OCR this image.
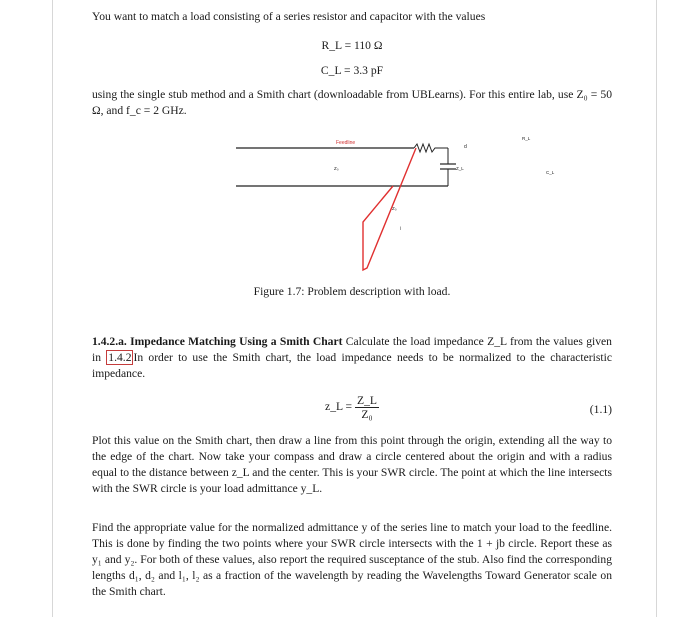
You want to match a load consisting of a series resistor and capacitor with the values
R_L = 110 Ω
C_L = 3.3 pF
using the single stub method and a Smith chart (downloadable from UBLearns). For this entire lab, use Z₀ = 50 Ω, and f_c = 2 GHz.
Feedline
d
R_L
C_L
Z₀	Z_L
Z₀
l
Figure 1.7: Problem description with load.
1.4.2.a. Impedance Matching Using a Smith Chart Calculate the load impedance Z_L from the values given in 1.4.2 In order to use the Smith chart, the load impedance needs to be normalized to the characteristic impedance.
z_L = $\frac{Z\_L}{\text{Z₀}}$	(1.1)
Plot this value on the Smith chart, then draw a line from this point through the origin, extending all the way to the edge of the chart. Now take your compass and draw a circle centered about the origin and with a radius equal to the distance between z_L and the center. This is your SWR circle. The point at which the line intersects with the SWR circle is your load admittance y_L.
Find the appropriate value for the normalized admittance y of the series line to match your load to the feedline. This is done by finding the two points where your SWR circle intersects with the 1 + jb circle. Report these as y₁ and y₂. For both of these values, also report the required susceptance of the stub. Also find the corresponding lengths d₁, d₂ and l₁, l₂ as a fraction of the wavelength by reading the Wavelengths Toward Generator scale on the Smith chart.
